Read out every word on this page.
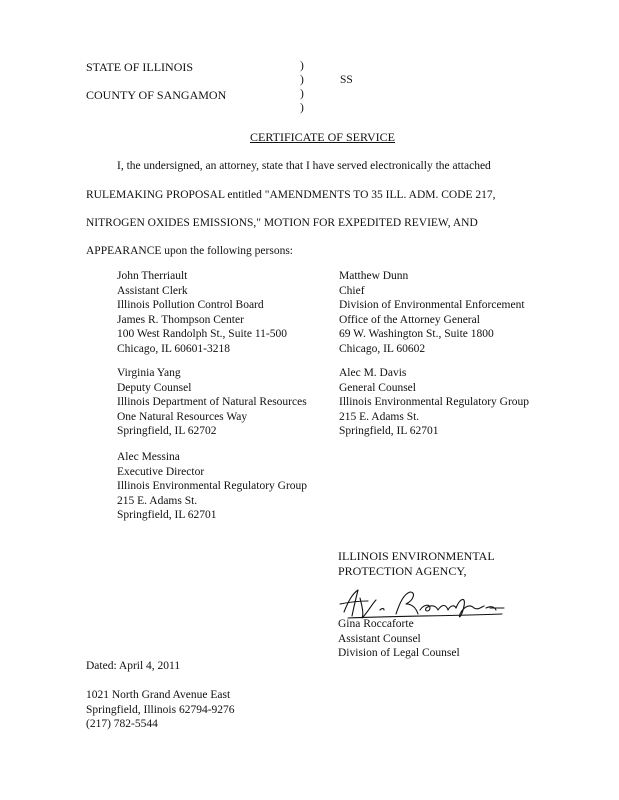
STATE OF ILLINOIS
COUNTY OF SANGAMON
)
)
)
)
SS
CERTIFICATE OF SERVICE
I, the undersigned, an attorney, state that I have served electronically the attached
RULEMAKING PROPOSAL entitled "AMENDMENTS TO 35 ILL. ADM. CODE 217,
NITROGEN OXIDES EMISSIONS," MOTION FOR EXPEDITED REVIEW, AND
APPEARANCE upon the following persons:
John Therriault
Assistant Clerk
Illinois Pollution Control Board
James R. Thompson Center
100 West Randolph St., Suite 11-500
Chicago, IL 60601-3218
Matthew Dunn
Chief
Division of Environmental Enforcement
Office of the Attorney General
69 W. Washington St., Suite 1800
Chicago, IL 60602
Virginia Yang
Deputy Counsel
Illinois Department of Natural Resources
One Natural Resources Way
Springfield, IL 62702
Alec M. Davis
General Counsel
Illinois Environmental Regulatory Group
215 E. Adams St.
Springfield, IL 62701
Alec Messina
Executive Director
Illinois Environmental Regulatory Group
215 E. Adams St.
Springfield, IL 62701
ILLINOIS ENVIRONMENTAL
PROTECTION AGENCY,
Gina Roccaforte
Assistant Counsel
Division of Legal Counsel
Dated: April 4, 2011
1021 North Grand Avenue East
Springfield, Illinois 62794-9276
(217) 782-5544
